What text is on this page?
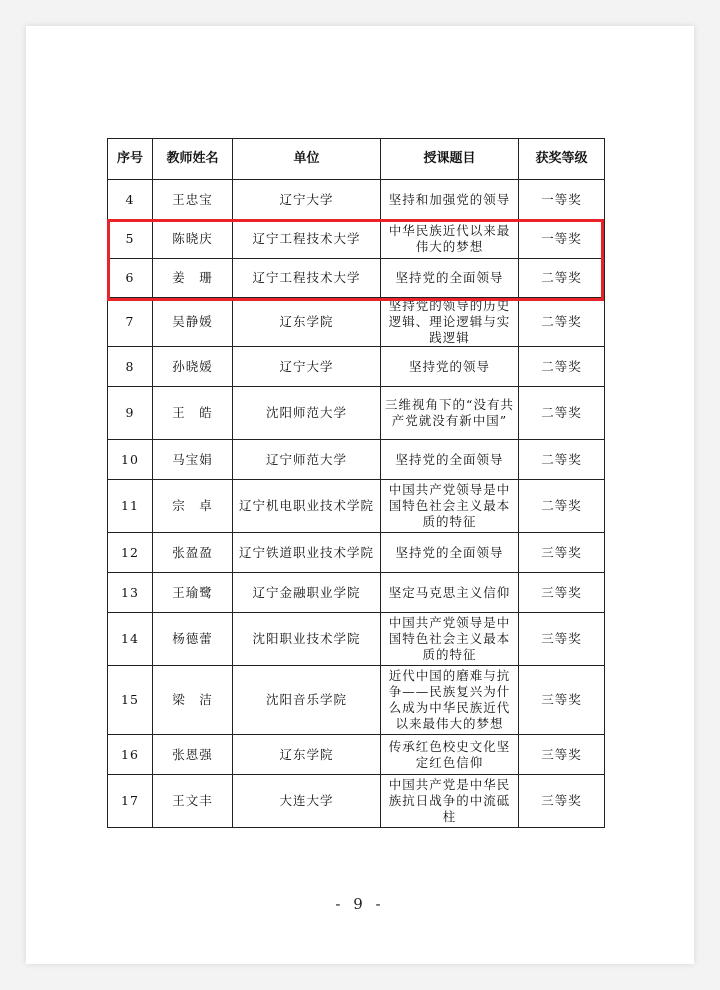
序号	教师姓名	单位	授课题目	获奖等级
4	王忠宝	辽宁大学	坚持和加强党的领导	一等奖
5	陈晓庆	辽宁工程技术大学	中华民族近代以来最伟大的梦想	一等奖
6	姜　珊	辽宁工程技术大学	坚持党的全面领导	二等奖
7	吴静媛	辽东学院	坚持党的领导的历史逻辑、理论逻辑与实践逻辑	二等奖
8	孙晓媛	辽宁大学	坚持党的领导	二等奖
9	王　皓	沈阳师范大学	三维视角下的“没有共产党就没有新中国”	二等奖
10	马宝娟	辽宁师范大学	坚持党的全面领导	二等奖
11	宗　卓	辽宁机电职业技术学院	中国共产党领导是中国特色社会主义最本质的特征	二等奖
12	张盈盈	辽宁铁道职业技术学院	坚持党的全面领导	三等奖
13	王瑜鹭	辽宁金融职业学院	坚定马克思主义信仰	三等奖
14	杨德蕾	沈阳职业技术学院	中国共产党领导是中国特色社会主义最本质的特征	三等奖
15	梁　洁	沈阳音乐学院	近代中国的磨难与抗争——民族复兴为什么成为中华民族近代以来最伟大的梦想	三等奖
16	张恩强	辽东学院	传承红色校史文化坚定红色信仰	三等奖
17	王文丰	大连大学	中国共产党是中华民族抗日战争的中流砥柱	三等奖
- 9 -
